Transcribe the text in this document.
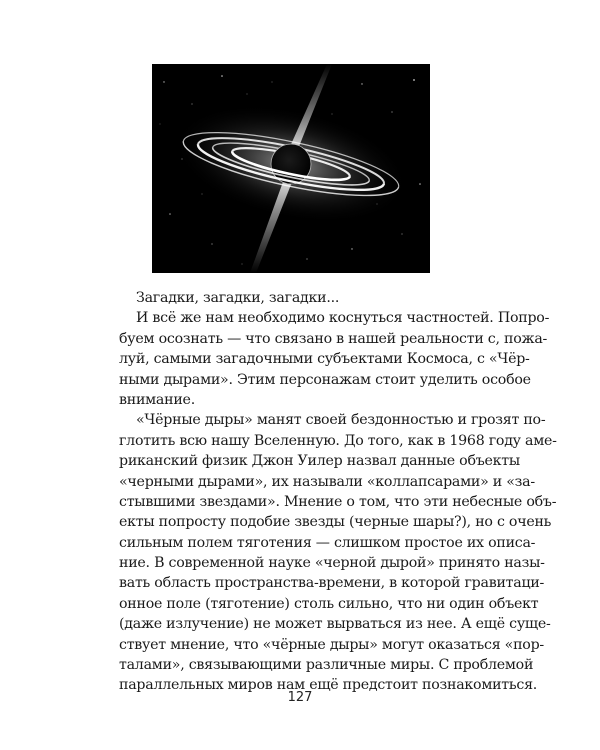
Загадки, загадки, загадки...
И всё же нам необходимо коснуться частностей. Попро-
буем осознать — что связано в нашей реальности с, пожа-
луй, самыми загадочными субъектами Космоса, с «Чёр-
ными дырами». Этим персонажам стоит уделить особое
внимание.
«Чёрные дыры» манят своей бездонностью и грозят по-
глотить всю нашу Вселенную. До того, как в 1968 году аме-
риканский физик Джон Уилер назвал данные объекты
«черными дырами», их называли «коллапсарами» и «за-
стывшими звездами». Мнение о том, что эти небесные объ-
екты попросту подобие звезды (черные шары?), но с очень
сильным полем тяготения — слишком простое их описа-
ние. В современной науке «черной дырой» принято назы-
вать область пространства-времени, в которой гравитаци-
онное поле (тяготение) столь сильно, что ни один объект
(даже излучение) не может вырваться из нее. А ещё суще-
ствует мнение, что «чёрные дыры» могут оказаться «пор-
талами», связывающими различные миры. С проблемой
параллельных миров нам ещё предстоит познакомиться.
127
